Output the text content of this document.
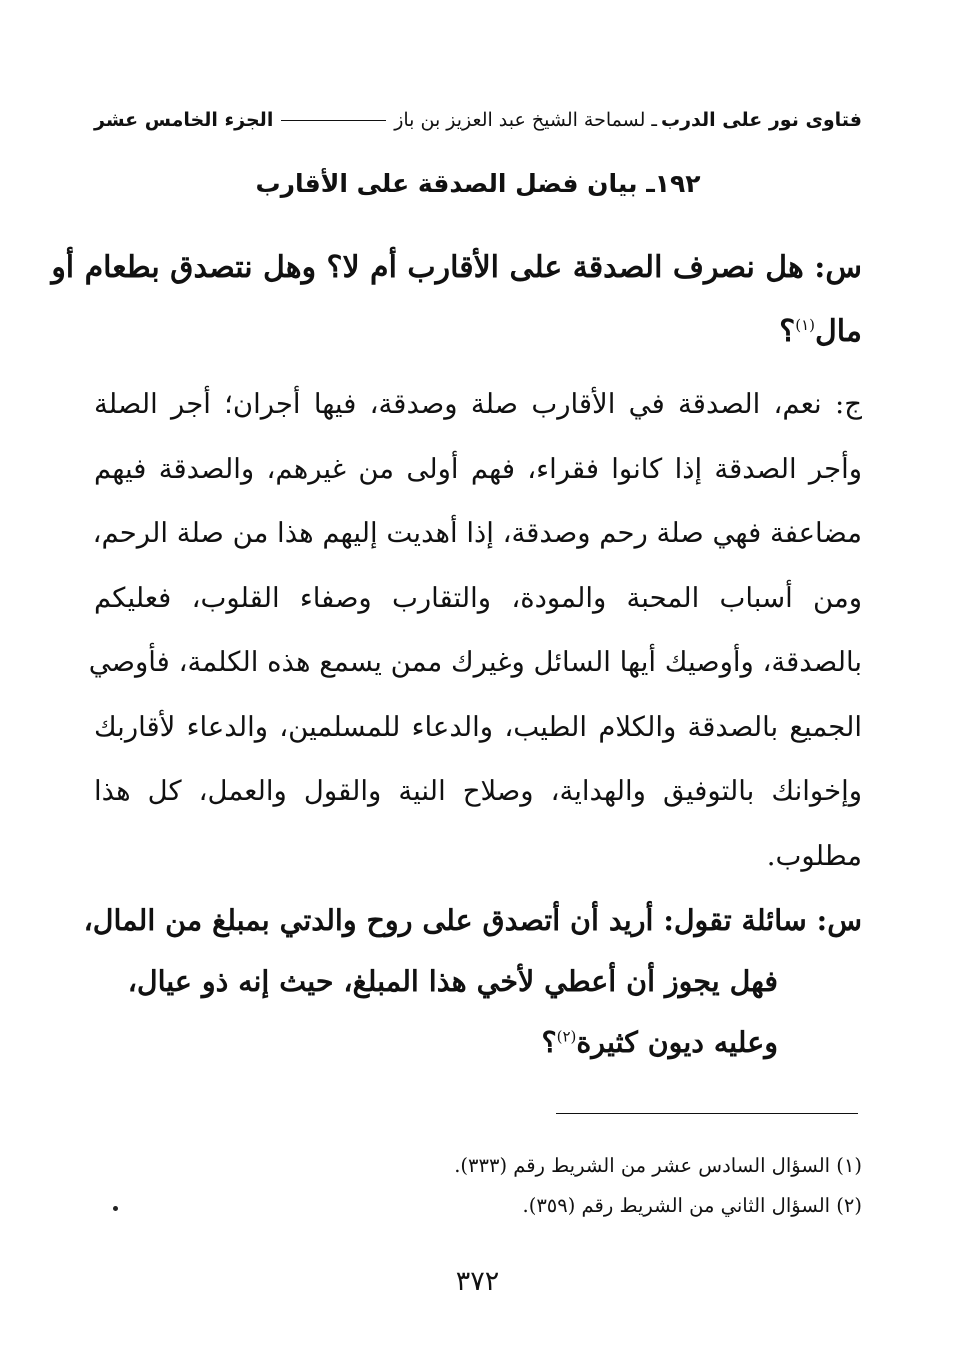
فتاوى نور على الدرب
ـ لسماحة الشيخ عبد العزيز بن باز
الجزء الخامس عشر
١٩٢ـ بيان فضل الصدقة على الأقارب
س: هل نصرف الصدقة على الأقارب أم لا؟ وهل نتصدق بطعام أو
مال$^{(١)}$؟
ج: نعم، الصدقة في الأقارب صلة وصدقة، فيها أجران؛ أجر الصلة
وأجر الصدقة إذا كانوا فقراء، فهم أولى من غيرهم، والصدقة فيهم
مضاعفة فهي صلة رحم وصدقة، إذا أهديت إليهم هذا من صلة الرحم،
ومن أسباب المحبة والمودة، والتقارب وصفاء القلوب، فعليكم
بالصدقة، وأوصيك أيها السائل وغيرك ممن يسمع هذه الكلمة، فأوصي
الجميع بالصدقة والكلام الطيب، والدعاء للمسلمين، والدعاء لأقاربك
وإخوانك بالتوفيق والهداية، وصلاح النية والقول والعمل، كل هذا
مطلوب.
س: سائلة تقول: أريد أن أتصدق على روح والدتي بمبلغ من المال،
فهل يجوز أن أعطي لأخي هذا المبلغ، حيث إنه ذو عيال،
وعليه ديون كثيرة$^{(٢)}$؟
(١) السؤال السادس عشر من الشريط رقم (٣٣٣).
(٢) السؤال الثاني من الشريط رقم (٣٥٩).
٣٧٢
